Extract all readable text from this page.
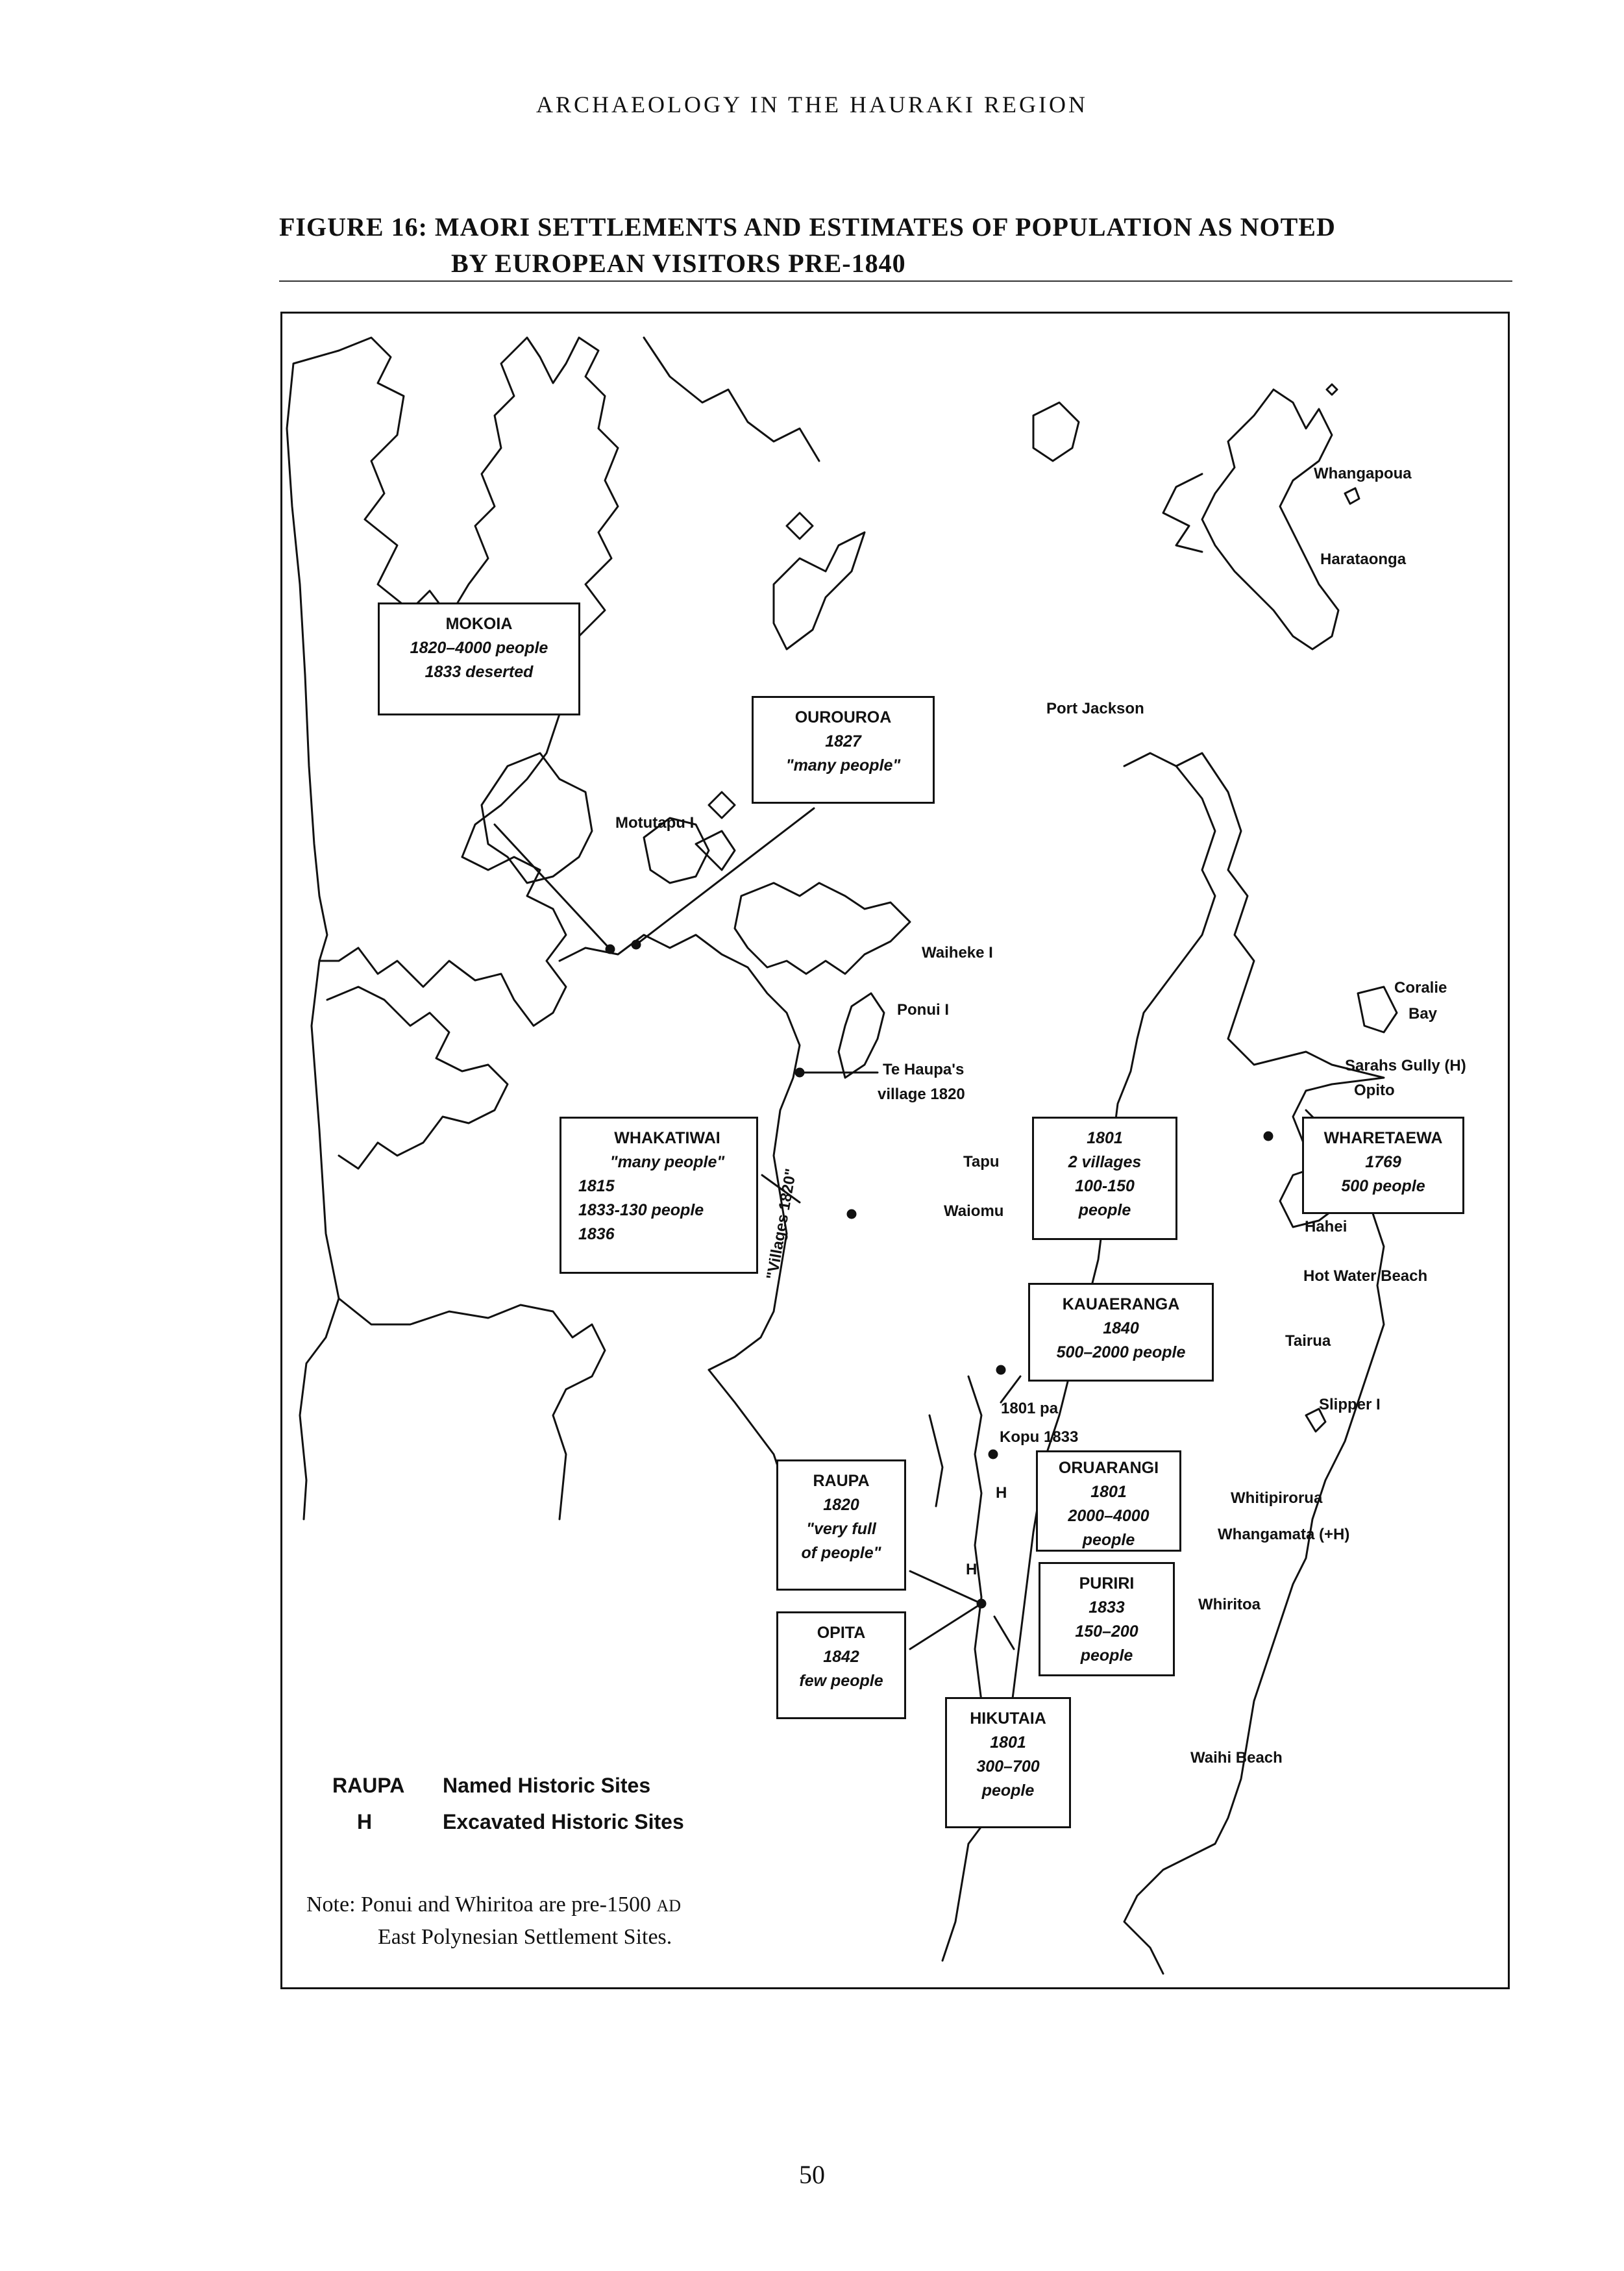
ARCHAEOLOGY IN THE HAURAKI REGION
FIGURE 16: MAORI SETTLEMENTS AND ESTIMATES OF POPULATION AS NOTED
BY EUROPEAN VISITORS PRE-1840
MOKOIA
1820–4000 people
1833 deserted
OUROUROA
1827
"many people"
WHAKATIWAI
"many people"
1815
1833-130 people
1836
1801
2 villages
100-150
people
WHARETAEWA
1769
500 people
KAUAERANGA
1840
500–2000 people
ORUARANGI
1801
2000–4000
people
RAUPA
1820
"very full
of people"
OPITA
1842
few people
PURIRI
1833
150–200
people
HIKUTAIA
1801
300–700
people
Whangapoua
Harataonga
Port Jackson
Motutapu I
Waiheke I
Ponui I
Coralie
Bay
Sarahs Gully (H)
Opito
Te Haupa's
village 1820
Tapu
Waiomu
Hahei
Hot Water Beach
Tairua
"Villages 1820"
1801 pa
Kopu 1833
Slipper I
Whitipirorua
Whangamata (+H)
Whiritoa
Waihi Beach
H
H
RAUPA Named Historic Sites
H	Excavated Historic Sites
Note: Ponui and Whiritoa are pre-1500 AD
East Polynesian Settlement Sites.
50
